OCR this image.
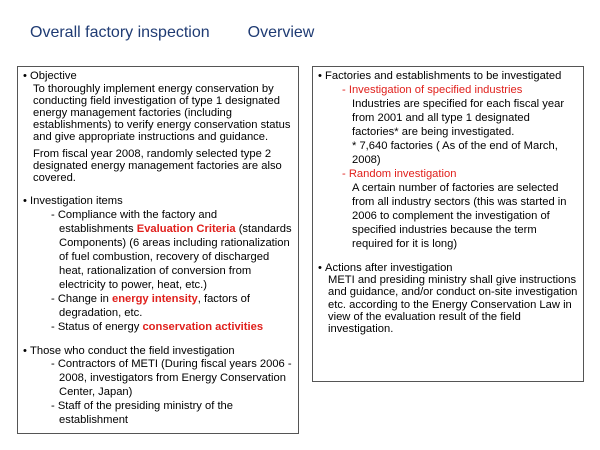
Overall factory inspection Overview
• Objective
To thoroughly implement energy conservation by conducting field investigation of type 1 designated energy management factories (including establishments) to verify energy conservation status and give appropriate instructions and guidance.
From fiscal year 2008, randomly selected type 2 designated energy management factories are also covered.
• Investigation items
- Compliance with the factory and establishments Evaluation Criteria (standards Components) (6 areas including rationalization of fuel combustion, recovery of discharged heat, rationalization of conversion from electricity to power, heat, etc.)
- Change in energy intensity, factors of degradation, etc.
- Status of energy conservation activities
• Those who conduct the field investigation
- Contractors of METI (During fiscal years 2006 - 2008, investigators from Energy Conservation Center, Japan)
- Staff of the presiding ministry of the establishment
• Factories and establishments to be investigated
- Investigation of specified industries
Industries are specified for each fiscal year from 2001 and all type 1 designated factories* are being investigated.
* 7,640 factories ( As of the end of March, 2008)
- Random investigation
A certain number of factories are selected from all industry sectors (this was started in 2006 to complement the investigation of specified industries because the term required for it is long)
• Actions after investigation
METI and presiding ministry shall give instructions and guidance, and/or conduct on-site investigation etc. according to the Energy Conservation Law in view of the evaluation result of the field investigation.
